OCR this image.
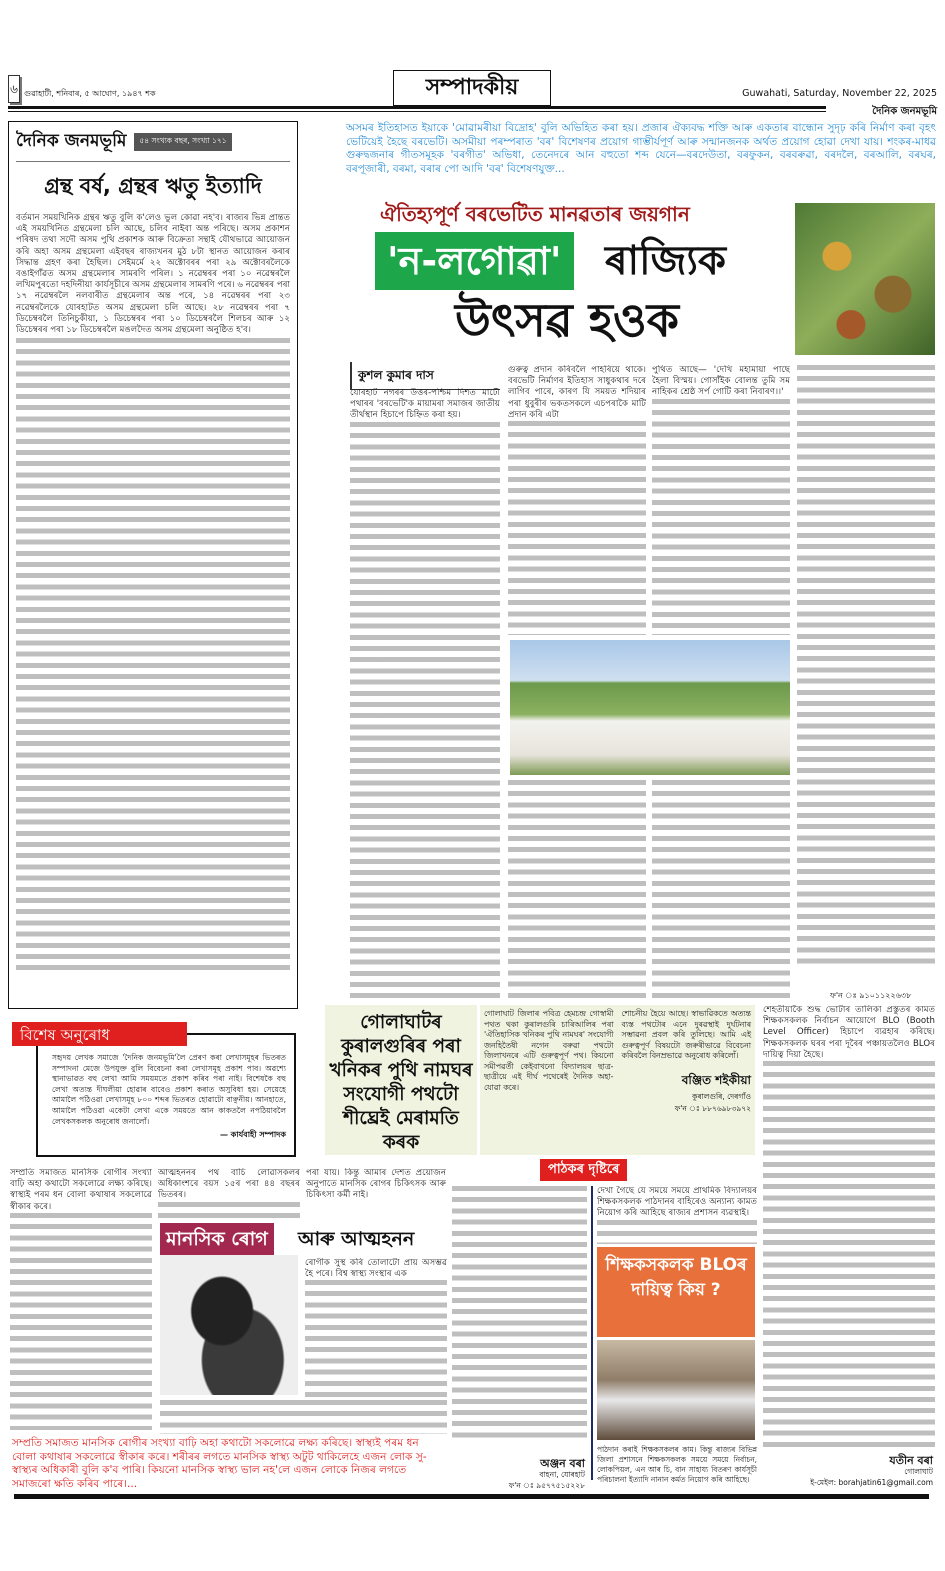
৬ গুৱাহাটী, শনিবাৰ, ৫ আঘোণ, ১৯৪৭ শক	সম্পাদকীয়	Guwahati, Saturday, November 22, 2025
দৈনিক জনমভূমি
দৈনিক জনমভূমি	৫৪ সংখ্যক বছৰ, সংখ্যা ১৭১
গ্ৰন্থ বৰ্ষ, গ্ৰন্থৰ ঋতু ইত্যাদি
বৰ্তমান সময়খিনিক গ্ৰন্থৰ ঋতু বুলি ক'লেও ভুল কোৱা নহ'ব। ৰাজ্যৰ ভিন্ন প্ৰান্তত এই সময়খিনিত গ্ৰন্থমেলা চলি আছে, চলিব নাইবা অন্ত পৰিছে। অসম প্ৰকাশন পৰিষদ তথা সদৌ অসম পুথি প্ৰকাশক আৰু বিক্ৰেতা সন্থাই যৌথভাৱে আয়োজন কৰি অহা অসম গ্ৰন্থমেলা এইবছৰ ৰাজ্যখনৰ মুঠ ৮টা স্থানত আয়োজন কৰাৰ সিদ্ধান্ত গ্ৰহণ কৰা হৈছিল। সেইমৰ্মে ২২ অক্টোবৰৰ পৰা ২৯ অক্টোবৰলৈকে বঙাইগাঁৱত অসম গ্ৰন্থমেলাৰ সামৰণি পৰিল। ১ নৱেম্বৰৰ পৰা ১০ নৱেম্বৰলৈ লখিমপুৰতো দহদিনীয়া কাৰ্যসূচীৰে অসম গ্ৰন্থমেলাৰ সামৰণি পৰে। ৬ নৱেম্বৰৰ পৰা ১৭ নৱেম্বৰলৈ নলবাৰীত গ্ৰন্থমেলাৰ অন্ত পৰে, ১৪ নৱেম্বৰৰ পৰা ২৩ নৱেম্বৰলৈকে যোৰহাটত অসম গ্ৰন্থমেলা চলি আছে। ২৮ নৱেম্বৰৰ পৰা ৭ ডিচেম্বৰলৈ তিনিচুকীয়া, ১ ডিচেম্বৰৰ পৰা ১০ ডিচেম্বৰলৈ শিলচৰ আৰু ১২ ডিচেম্বৰৰ পৰা ১৮ ডিচেম্বৰলৈ মঙলদৈত অসম গ্ৰন্থমেলা অনুষ্ঠিত হ'ব।
অসমৰ ইতিহাসত ইয়াকে 'মোৱামৰীয়া বিদ্ৰোহ' বুলি অভিহিত কৰা হয়। প্ৰজাৰ ঐক্যবদ্ধ শক্তি আৰু একতাৰ বান্ধোন সুদৃঢ় কৰি নিৰ্মাণ কৰা বৃহৎ ভেটিয়েই হৈছে বৰভেটি। অসমীয়া পৰম্পৰাত 'বৰ' বিশেষণৰ প্ৰয়োগ গাম্ভীৰ্যপূৰ্ণ আৰু সন্মানজনক অৰ্থত প্ৰয়োগ হোৱা দেখা যায়। শংকৰ-মাধৱ গুৰুদ্বজনাৰ গীতসমূহক 'বৰগীত' অভিধা, তেনেদৰে আন বহুতো শব্দ যেনে—বৰদেউতা, বৰফুকন, বৰবৰুৱা, বৰদলৈ, বৰআলি, বৰঘৰ, বৰপূজাৰী, বৰমা, বৰাৰ পো আদি 'বৰ' বিশেষণযুক্ত...
ঐতিহ্যপূৰ্ণ বৰভেটিত মানৱতাৰ জয়গান
'ন-লগোৱা'	ৰাজ্যিক
উৎসৱ হওক
কুশল কুমাৰ দাস
যোৰহাট নগৰৰ উত্তৰ-পশ্চিম দিশত মাটৌ পথাৰৰ 'বৰভেটি'ক মায়ামৰা সমাজৰ জাতীয় তীৰ্থস্থান হিচাপে চিহ্নিত কৰা হয়।
গুৰুত্ব প্ৰদান কৰিবলৈ পাহৰিয়ে থাকে। বৰভেটি নিৰ্মাণৰ ইতিহাস সাধুকথাৰ দৰে লাগিব পাৰে, কাৰণ যি সময়ত শদিয়াৰ পৰা ধুবুৰীৰ ভকতসকলে এচপৰাকৈ মাটি প্ৰদান কৰি এটা
পুথিত আছে— 'দেখি মহামায়া পাছে হৈলা বিস্ময়। গোসাঁইক বোলন্ত তুমি সম নাহিকৰ শ্ৰেষ্ঠ সৰ্প গোটি কৰা নিবাৰণ।।'
ফ'ন ঃ ৯১০১১২২৬৩৮
সহৃদয় লেখক সমাজে 'দৈনিক জনমভূমি'লৈ প্ৰেৰণ কৰা লেখাসমূহৰ ভিতৰত সম্পাদনা মেজে উপযুক্ত বুলি বিবেচনা কৰা লেখাসমূহ প্ৰকাশ পাব। অৱশ্যে স্থানাভাৱত বহু লেখা আমি সময়মতে প্ৰকাশ কৰিব পৰা নাই। বিশেষকৈ বহু লেখা অত্যন্ত দীঘলীয়া হোৱাৰ বাবেও প্ৰকাশ কৰাত অসুবিধা হয়। সেয়েহে আমালৈ পঠিওৱা লেখাসমূহ ৮০০ শব্দৰ ভিতৰত হোৱাটো বাঞ্ছনীয়। আনহাতে, আমালৈ পঠিওৱা একেটা লেখা একে সময়তে আন কাকতলৈ নপঠিয়াবলৈ লেখকসকলক অনুৰোধ জনালোঁ।
— কাৰ্যবাহী সম্পাদক
বিশেষ অনুৰোধ
গোলাঘাটৰ কুৰালগুৰিৰ পৰা খনিকৰ পুথি নামঘৰ সংযোগী পথটো শীঘ্ৰেই মেৰামতি কৰক
গোলাঘাট জিলাৰ পবিত্ৰ হেমচন্দ্ৰ গোস্বামী পথত থকা কুৰালগুৰি চাৰিআলিৰ পৰা 'ঐতিহাসিক খনিকৰ পুথি নামঘৰ' সংযোগী জনহিতৈষী নগেন বৰুৱা পথটো জিলাখনৰে এটি গুৰুত্বপূৰ্ণ পথ। কিয়নো সমীপৱৰ্তী কেইবাখনো বিদ্যালয়ৰ ছাত্ৰ-ছাত্ৰীয়ে এই দীৰ্ঘ পথেৰেই দৈনিক অহা-যোৱা কৰে।
শোচনীয় হৈয়ে আছে। স্বাভাৱিকতে অত্যন্ত ব্যস্ত পথটোৰ এনে দুৰৱস্থাই দুৰ্ঘটনাৰ সম্ভাৱনা প্ৰবল কৰি তুলিছে। আমি এই গুৰুত্বপূৰ্ণ বিষয়টো জৰুৰীভাৱে বিবেচনা কৰিবলৈ বিনম্ৰভাৱে অনুৰোধ কৰিলোঁ।
বঞ্জিত শইকীয়া
কুৰালগুৰি, দেৰগাঁও
ফ'ন ঃ ৮৮৭৬৯৮৩৯৭২
সম্প্ৰতি সমাজত মানসিক ৰোগীৰ সংখ্যা বাঢ়ি অহা কথাটো সকলোৱে লক্ষ্য কৰিছে। স্বাস্থ্যই পৰম ধন বোলা কথাষাৰ সকলোৱে স্বীকাৰ কৰে।
আত্মহননৰ পথ বাচি লোৱাসকলৰ অধিকাংশৰে বয়স ১৫ৰ পৰা ৪৪ বছৰৰ ভিতৰৰ।
পৰা যায়। কিন্তু আমাৰ দেশত প্ৰয়োজন অনুপাতে মানসিক ৰোগৰ চিকিৎসক আৰু চিকিৎসা কৰ্মী নাই।
মানসিক ৰোগ	আৰু আত্মহনন
ৰোগীক সুস্থ কৰি তোলাটো প্ৰায় অসম্ভৱ হৈ পৰে। বিশ্ব স্বাস্থ্য সংস্থাৰ এক
সম্প্ৰতি সমাজত মানসিক ৰোগীৰ সংখ্যা বাঢ়ি অহা কথাটো সকলোৱে লক্ষ্য কৰিছে। স্বাস্থ্যই পৰম ধন বোলা কথাষাৰ সকলোৱে স্বীকাৰ কৰে। শৰীৰৰ লগতে মানসিক স্বাস্থ্য অটুট থাকিলেহে এজন লোক সু-স্বাস্থ্যৰ অধিকাৰী বুলি ক'ব পাৰি। কিয়নো মানসিক স্বাস্থ্য ভাল নহ'লে এজন লোকে নিজৰ লগতে সমাজৰো ক্ষতি কৰিব পাৰে।...
অঞ্জন বৰা
বাহনা, যোৰহাট
ফ'ন ঃ ৯৫৭৭৫১৫২২৮
দেখা গৈছে যে সময়ে সময়ে প্ৰাথমিক বিদ্যালয়ৰ শিক্ষকসকলক পাঠদানৰ বাহিৰেও অন্যান্য কামত নিয়োগ কৰি আহিছে ৰাজ্যৰ প্ৰশাসন ব্যৱস্থাই।
শিক্ষকসকলক BLOৰ দায়িত্ব কিয় ?
পাঠদান কৰাই শিক্ষকসকলৰ কাম। কিন্তু ৰাজ্যৰ বিভিন্ন জিলা প্ৰশাসনে শিক্ষকসকলক সময়ে সময়ে নিৰ্বাচন, লোকপিয়ল, এন আৰ চি, বান সাহায্য বিতৰণ কাৰ্যসূচী পৰিচালনা ইত্যাদি নানান কৰ্মত নিয়োগ কৰি আহিছে।
শেহতীয়াকৈ শুদ্ধ ভোটাৰ তালিকা প্ৰস্তুতৰ কামত শিক্ষকসকলক নিৰ্বাচন আয়োগে BLO (Booth Level Officer) হিচাপে ব্যৱহাৰ কৰিছে। শিক্ষকসকলক ঘৰৰ পৰা দূৰৈৰ পঞ্চায়তলৈও BLOৰ দায়িত্ব দিয়া হৈছে।
যতীন বৰা
গোলাঘাট
ই-মেইল: borahjatin61@gmail.com
পাঠকৰ দৃষ্টিৰে
